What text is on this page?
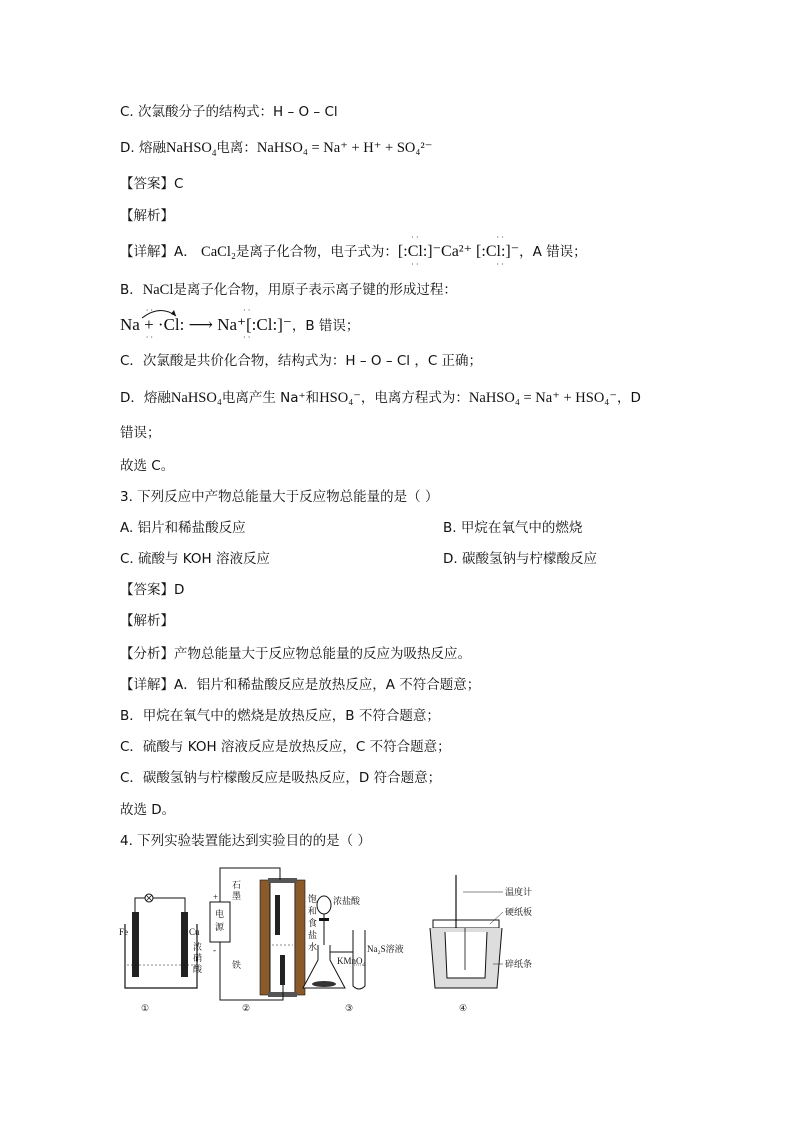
C. 次氯酸分子的结构式：H – O – Cl
D. 熔融NaHSO$_4$电离：NaHSO₄ = Na⁺ + H⁺ + SO₄²⁻
【答案】C
【解析】
【详解】A． CaCl₂是离子化合物，电子式为：
··                   ··
[:Cl:]⁻Ca²⁺ [:Cl:]⁻
··                   ··
，A 错误；
B．NaCl是离子化合物，用原子表示离子键的形成过程：
··                      ··
Na + ·Cl: ⟶ Na⁺[:Cl:]⁻
··                      ··
，B 错误；
C．次氯酸是共价化合物，结构式为：H – O – Cl ，C 正确；
D．熔融NaHSO₄电离产生 Na⁺和HSO₄⁻，电离方程式为：NaHSO₄ = Na⁺ + HSO₄⁻，D
错误；
故选 C。
3. 下列反应中产物总能量大于反应物总能量的是（ ）
A. 铝片和稀盐酸反应	B. 甲烷在氧气中的燃烧
C. 硫酸与 KOH 溶液反应	D. 碳酸氢钠与柠檬酸反应
【答案】D
【解析】
【分析】产物总能量大于反应物总能量的反应为吸热反应。
【详解】A．铝片和稀盐酸反应是放热反应，A 不符合题意；
B．甲烷在氧气中的燃烧是放热反应，B 不符合题意；
C．硫酸与 KOH 溶液反应是放热反应，C 不符合题意；
C．碳酸氢钠与柠檬酸反应是吸热反应，D 符合题意；
故选 D。
4. 下列实验装置能达到实验目的的是（ ）
Fe	Cu
浓
硝
酸
①
电
源
+
-
石
墨
铁
饱
和
食
盐
水
②
浓盐酸
KMnO₄
Na₂S溶液
③
温度计
硬纸板
碎纸条
④
